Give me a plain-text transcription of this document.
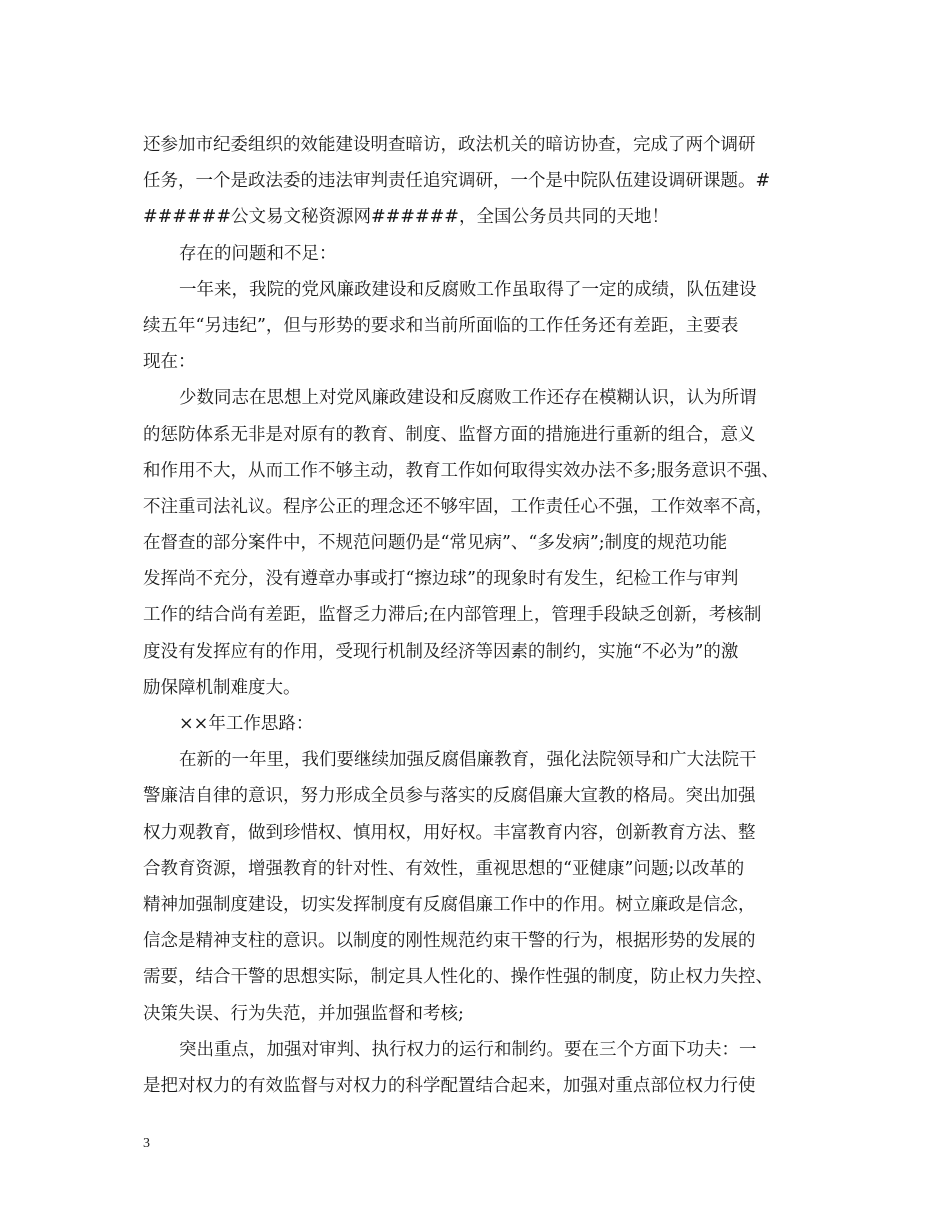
还参加市纪委组织的效能建设明查暗访，政法机关的暗访协查，完成了两个调研
任务，一个是政法委的违法审判责任追究调研，一个是中院队伍建设调研课题。#
######公文易文秘资源网######，全国公务员共同的天地！
存在的问题和不足：
一年来，我院的党风廉政建设和反腐败工作虽取得了一定的成绩，队伍建设
续五年“另违纪”，但与形势的要求和当前所面临的工作任务还有差距，主要表
现在：
少数同志在思想上对党风廉政建设和反腐败工作还存在模糊认识，认为所谓
的惩防体系无非是对原有的教育、制度、监督方面的措施进行重新的组合，意义
和作用不大，从而工作不够主动，教育工作如何取得实效办法不多;服务意识不强、
不注重司法礼议。程序公正的理念还不够牢固，工作责任心不强，工作效率不高，
在督查的部分案件中，不规范问题仍是“常见病”、“多发病”;制度的规范功能
发挥尚不充分，没有遵章办事或打“擦边球”的现象时有发生，纪检工作与审判
工作的结合尚有差距，监督乏力滞后;在内部管理上，管理手段缺乏创新，考核制
度没有发挥应有的作用，受现行机制及经济等因素的制约，实施“不必为”的激
励保障机制难度大。
××年工作思路：
在新的一年里，我们要继续加强反腐倡廉教育，强化法院领导和广大法院干
警廉洁自律的意识，努力形成全员参与落实的反腐倡廉大宣教的格局。突出加强
权力观教育，做到珍惜权、慎用权，用好权。丰富教育内容，创新教育方法、整
合教育资源，增强教育的针对性、有效性，重视思想的“亚健康”问题;以改革的
精神加强制度建设，切实发挥制度有反腐倡廉工作中的作用。树立廉政是信念，
信念是精神支柱的意识。以制度的刚性规范约束干警的行为，根据形势的发展的
需要，结合干警的思想实际，制定具人性化的、操作性强的制度，防止权力失控、
决策失误、行为失范，并加强监督和考核;
突出重点，加强对审判、执行权力的运行和制约。要在三个方面下功夫：一
是把对权力的有效监督与对权力的科学配置结合起来，加强对重点部位权力行使
3
